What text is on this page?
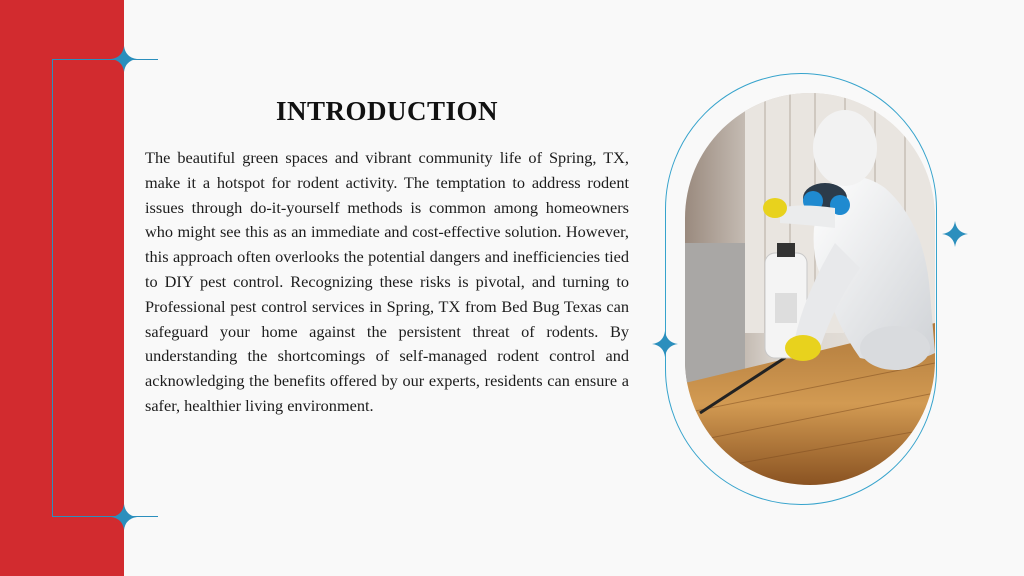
INTRODUCTION
The beautiful green spaces and vibrant community life of Spring, TX, make it a hotspot for rodent activity. The temptation to address rodent issues through do-it-yourself methods is common among homeowners who might see this as an immediate and cost-effective solution. However, this approach often overlooks the potential dangers and inefficiencies tied to DIY pest control. Recognizing these risks is pivotal, and turning to Professional pest control services in Spring, TX from Bed Bug Texas can safeguard your home against the persistent threat of rodents. By understanding the shortcomings of self-managed rodent control and acknowledging the benefits offered by our experts, residents can ensure a safer, healthier living environment.
